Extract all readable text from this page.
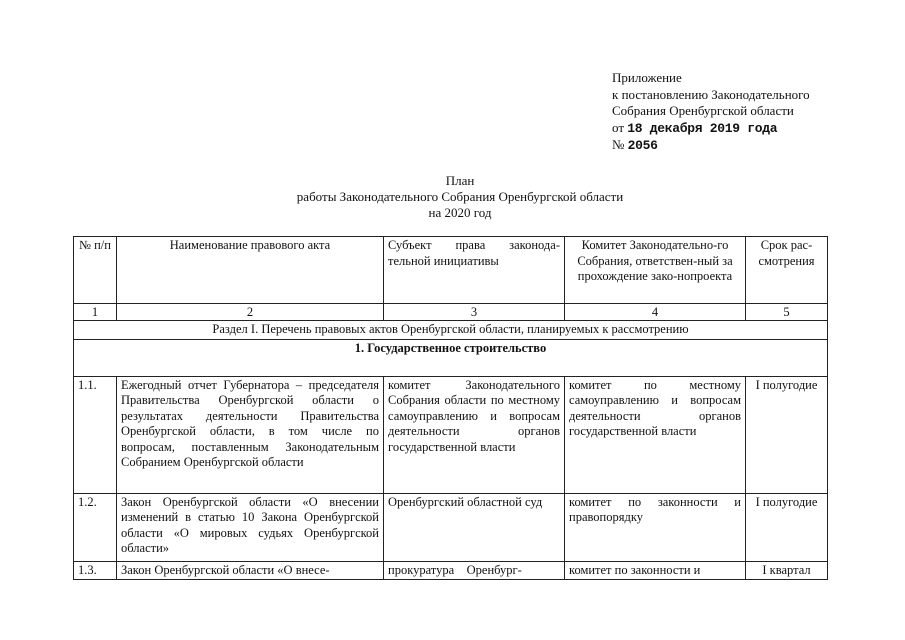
Приложение
к постановлению Законодательного
Собрания Оренбургской области
от 18 декабря 2019 года
№ 2056
План
работы Законодательного Собрания Оренбургской области
на 2020 год
№ п/п	Наименование правового акта	Субъект права законода-тельной инициативы	Комитет Законодательно-го Собрания, ответствен-ный за прохождение зако-нопроекта	Срок рас-смотрения
1	2	3	4	5
Раздел I. Перечень правовых актов Оренбургской области, планируемых к рассмотрению				
1. Государственное строительство				
1.1.	Ежегодный отчет Губернатора – председателя Правительства Оренбургской области о результатах деятельности Правительства Оренбургской области, в том числе по вопросам, поставленным Законодательным Собранием Оренбургской области	комитет Законодательного Собрания области по местному самоуправлению и вопросам деятельности органов государственной власти	комитет по местному самоуправлению и вопросам деятельности органов государственной власти	I полугодие
1.2.	Закон Оренбургской области «О внесении изменений в статью 10 Закона Оренбургской области «О мировых судьях Оренбургской области»	Оренбургский областной суд	комитет по законности и правопорядку	I полугодие
1.3.	Закон Оренбургской области «О внесе-	прокуратура    Оренбург-	комитет по законности и	I квартал
